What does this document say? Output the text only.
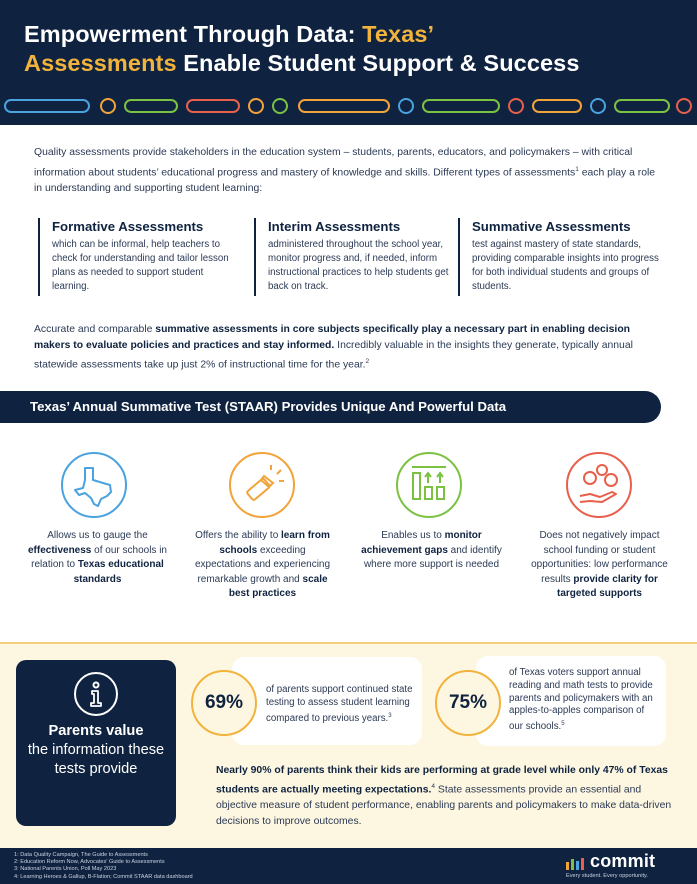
Empowerment Through Data: Texas’
Assessments Enable Student Support & Success

Quality assessments provide stakeholders in the education system – students, parents, educators, and policymakers – with critical information about students’ educational progress and mastery of knowledge and skills. Different types of assessments$^1$ each play a role in understanding and supporting student learning:

Formative Assessments

which can be informal, help teachers to check for understanding and tailor lesson plans as needed to support student learning.

Interim Assessments

administered throughout the school year, monitor progress and, if needed, inform instructional practices to help students get back on track.

Summative Assessments

test against mastery of state standards, providing comparable insights into progress for both individual students and groups of students.

Accurate and comparable summative assessments in core subjects specifically play a necessary part in enabling decision makers to evaluate policies and practices and stay informed. Incredibly valuable in the insights they generate, typically annual statewide assessments take up just 2% of instructional time for the year.$^2$

Texas’ Annual Summative Test (STAAR) Provides Unique And Powerful Data

Allows us to gauge the effectiveness of our schools in relation to Texas educational standards

Offers the ability to learn from schools exceeding expectations and experiencing remarkable growth and scale best practices

Enables us to monitor achievement gaps and identify where more support is needed

Does not negatively impact school funding or student opportunities: low performance results provide clarity for targeted supports

Parents value
the information these tests provide
69%

of parents support continued state testing to assess student learning compared to previous years.$^3$

75%

of Texas voters support annual reading and math tests to provide parents and policymakers with an apples-to-apples comparison of our schools.$^5$

Nearly 90% of parents think their kids are performing at grade level while only 47% of Texas students are actually meeting expectations.$^4$ State assessments provide an essential and objective measure of student performance, enabling parents and policymakers to make data-driven decisions to improve outcomes.

1: Data Quality Campaign, The Guide to Assessments
2: Education Reform Now, Advocates' Guide to Assessments
3: National Parents Union, Poll May 2023
4: Learning Heroes & Gallup, B-Flation; Commit STAAR data dashboard
commit
Every student. Every opportunity.
